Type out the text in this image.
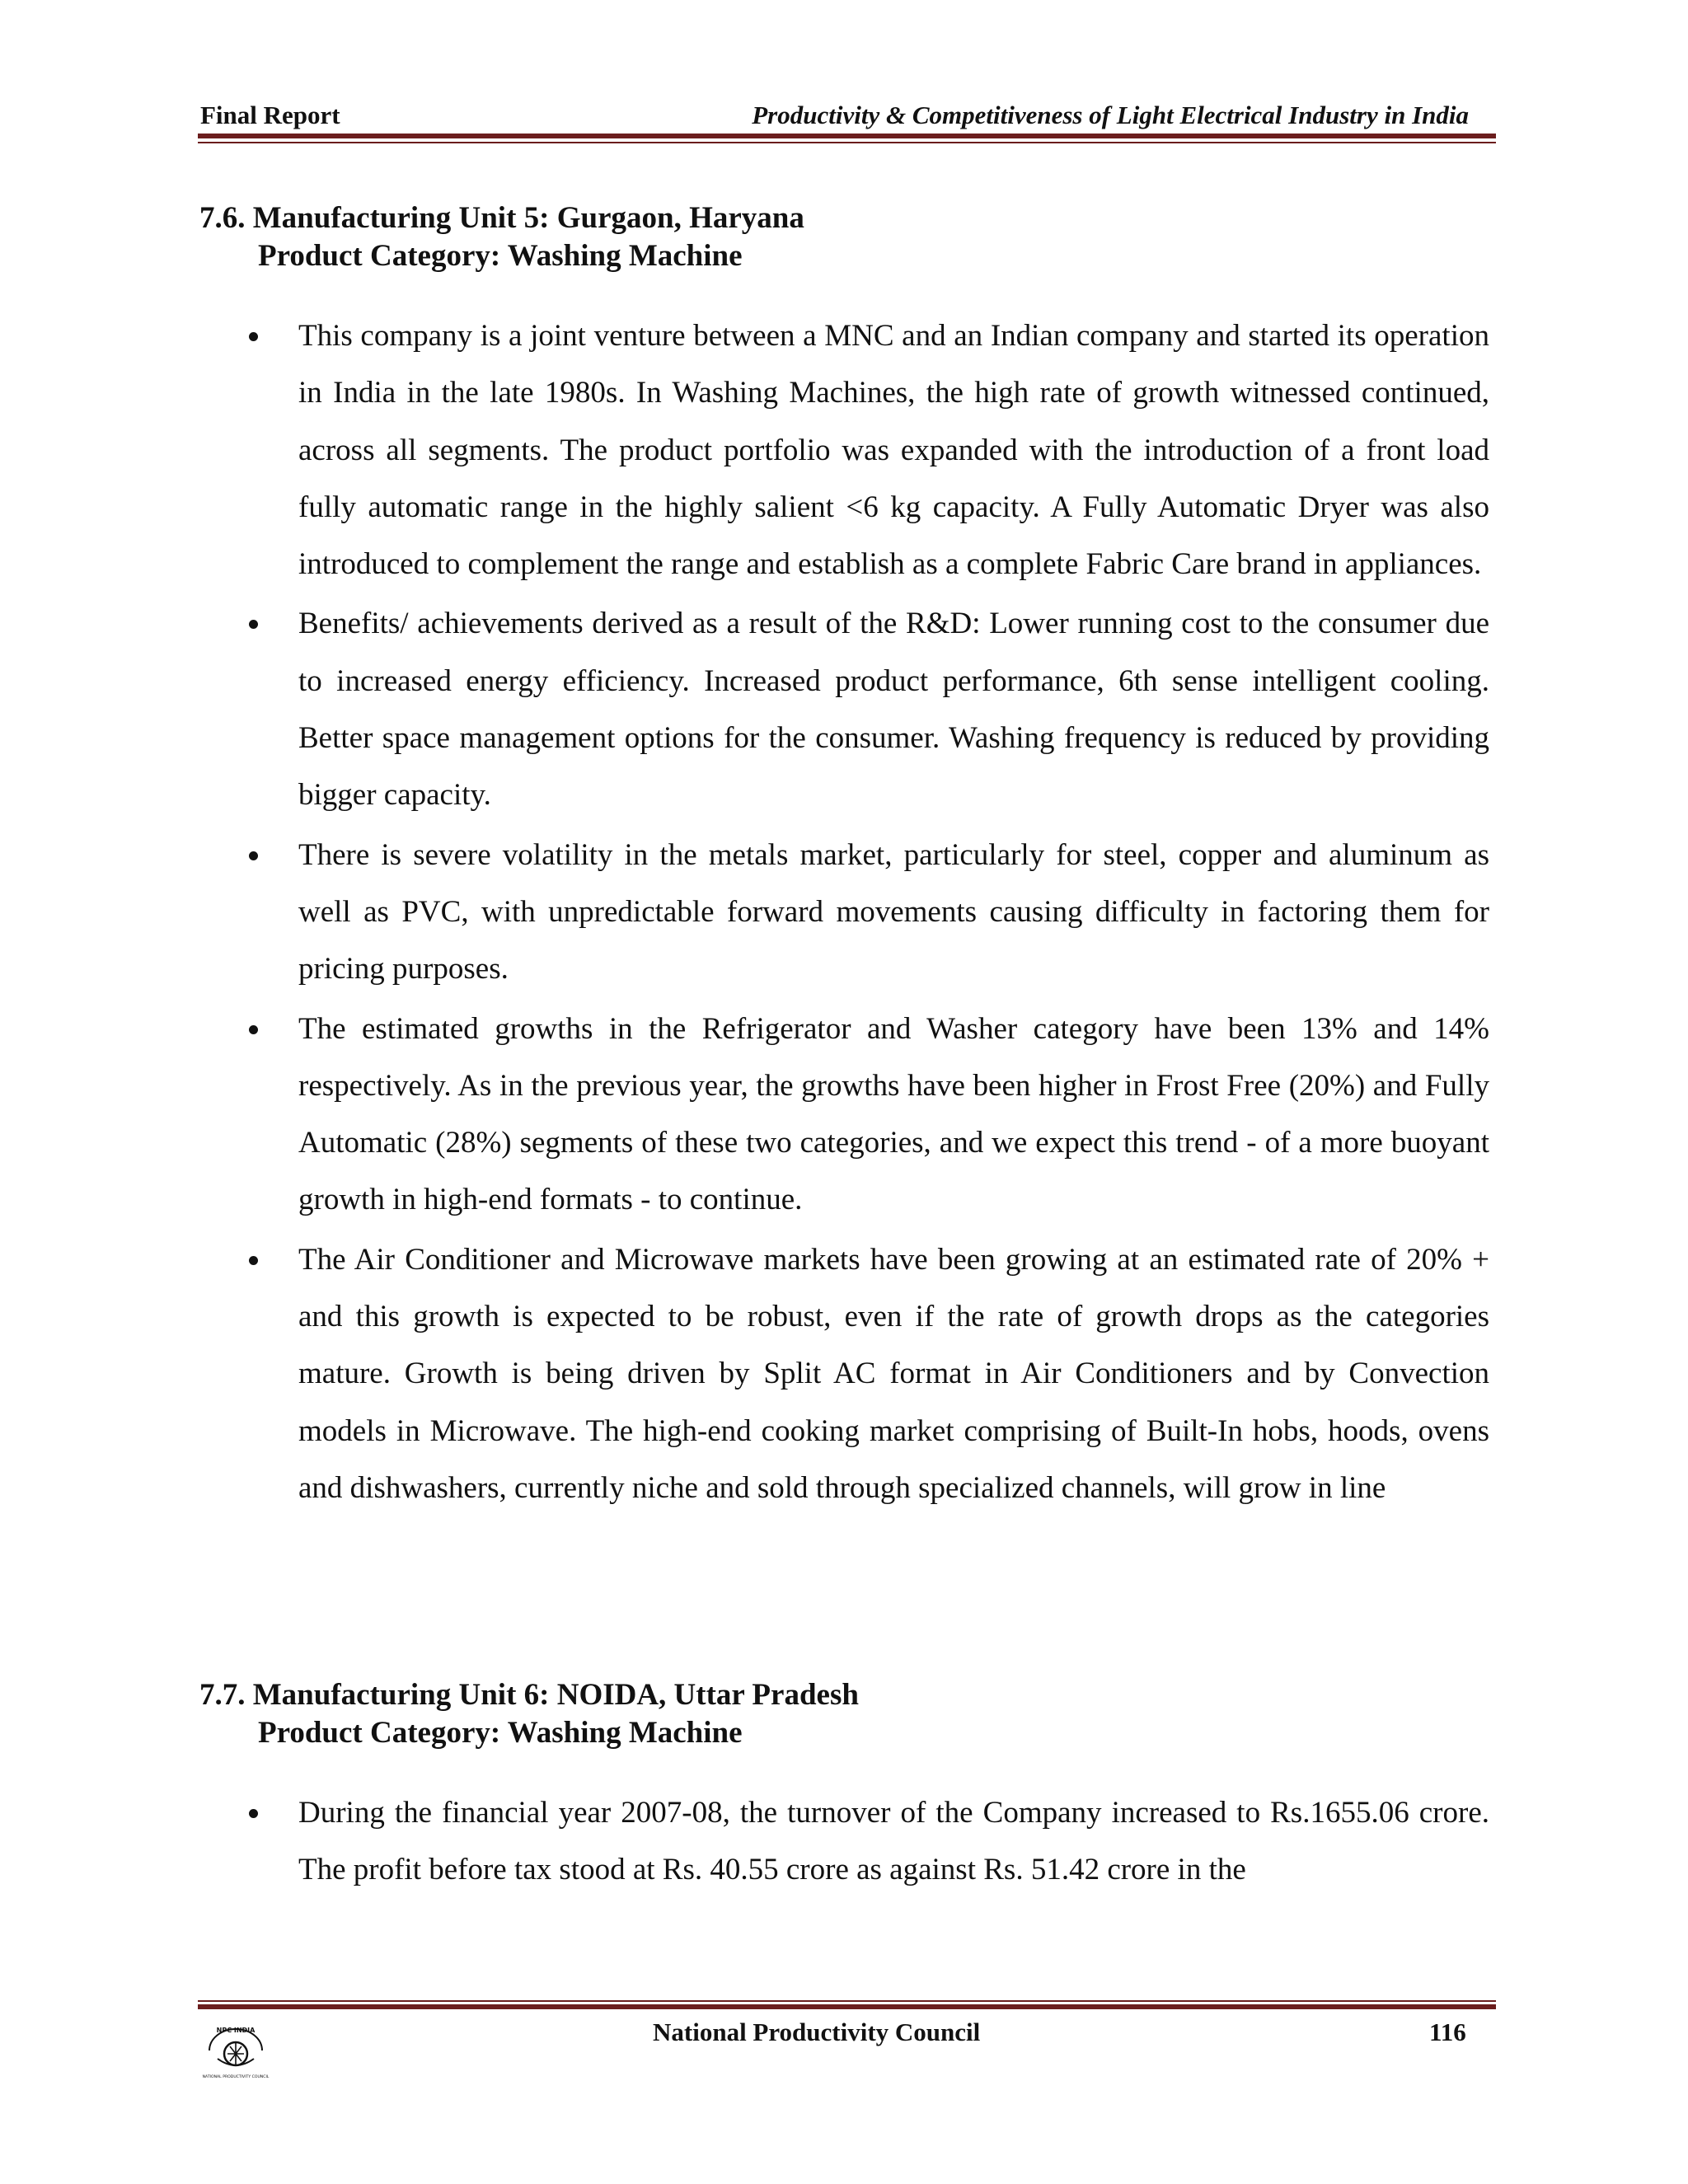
Final Report	Productivity & Competitiveness of Light Electrical Industry in India
7.6. Manufacturing Unit 5: Gurgaon, Haryana
Product Category: Washing Machine
This company is a joint venture between a MNC and an Indian company and started its operation in India in the late 1980s. In Washing Machines, the high rate of growth witnessed continued, across all segments. The product portfolio was expanded with the introduction of a front load fully automatic range in the highly salient <6 kg capacity. A Fully Automatic Dryer was also introduced to complement the range and establish as a complete Fabric Care brand in appliances.
Benefits/ achievements derived as a result of the R&D: Lower running cost to the consumer due to increased energy efficiency. Increased product performance, 6th sense intelligent cooling. Better space management options for the consumer. Washing frequency is reduced by providing bigger capacity.
There is severe volatility in the metals market, particularly for steel, copper and aluminum as well as PVC, with unpredictable forward movements causing difficulty in factoring them for pricing purposes.
The estimated growths in the Refrigerator and Washer category have been 13% and 14% respectively. As in the previous year, the growths have been higher in Frost Free (20%) and Fully Automatic (28%) segments of these two categories, and we expect this trend - of a more buoyant growth in high-end formats - to continue.
The Air Conditioner and Microwave markets have been growing at an estimated rate of 20% + and this growth is expected to be robust, even if the rate of growth drops as the categories mature. Growth is being driven by Split AC format in Air Conditioners and by Convection models in Microwave. The high-end cooking market comprising of Built-In hobs, hoods, ovens and dishwashers, currently niche and sold through specialized channels, will grow in line
7.7. Manufacturing Unit 6: NOIDA, Uttar Pradesh
Product Category: Washing Machine
During the financial year 2007-08, the turnover of the Company increased to Rs.1655.06 crore. The profit before tax stood at Rs. 40.55 crore as against Rs. 51.42 crore in the
NPC INDIA
NATIONAL PRODUCTIVITY COUNCIL
National Productivity Council	116
